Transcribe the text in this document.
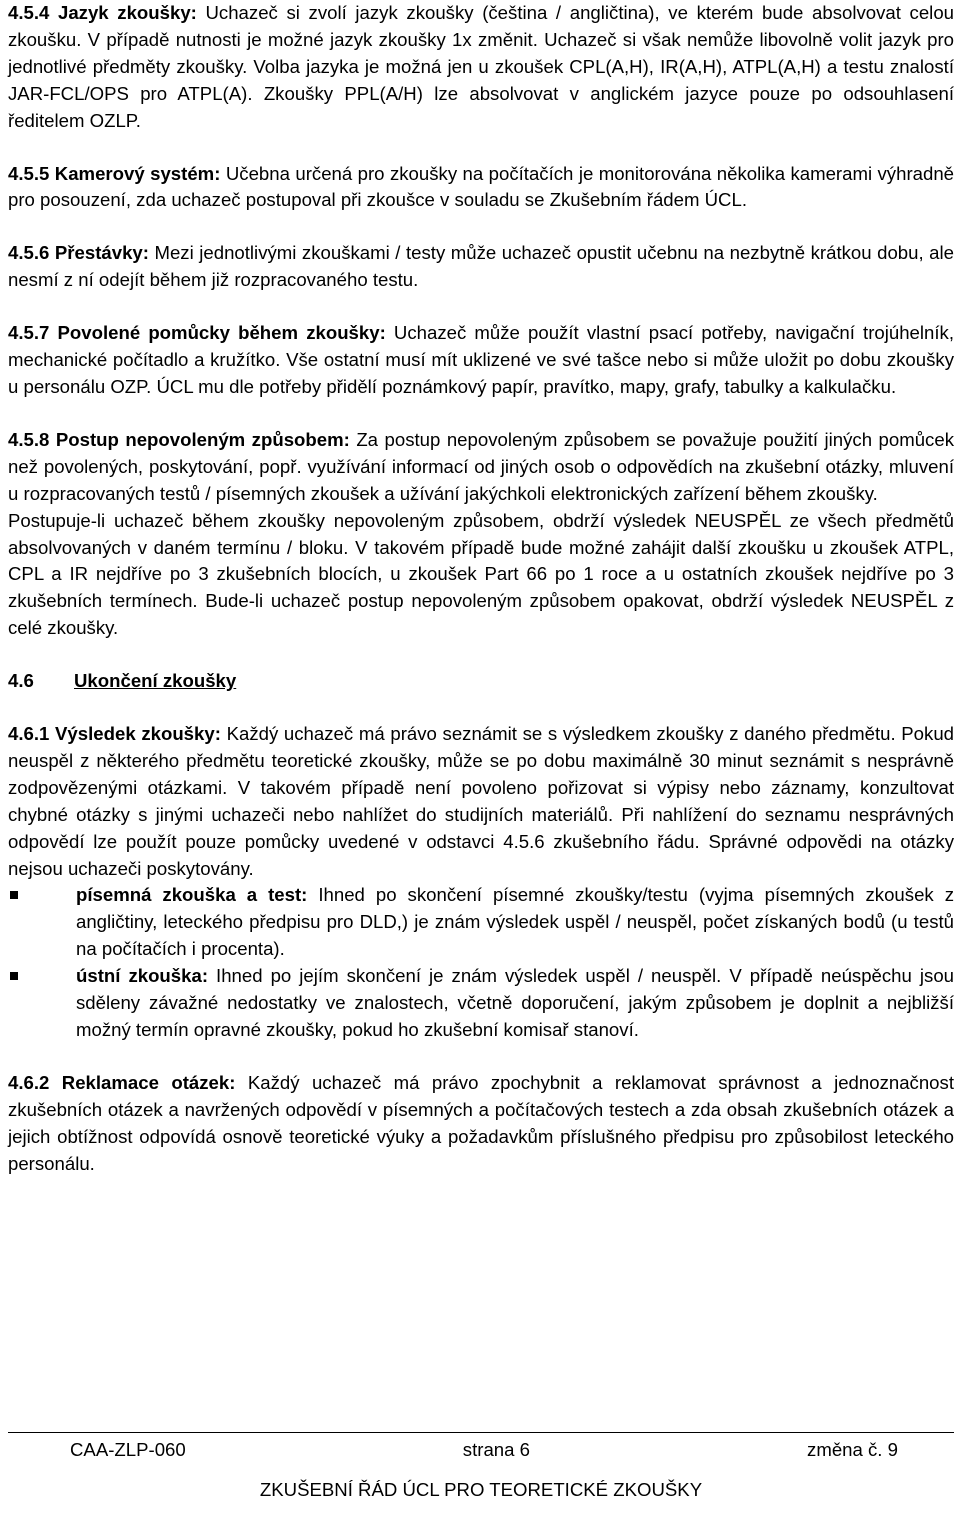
4.5.4 Jazyk zkoušky: Uchazeč si zvolí jazyk zkoušky (čeština / angličtina), ve kterém bude absolvovat celou zkoušku. V případě nutnosti je možné jazyk zkoušky 1x změnit. Uchazeč si však nemůže libovolně volit jazyk pro jednotlivé předměty zkoušky. Volba jazyka je možná jen u zkoušek CPL(A,H), IR(A,H), ATPL(A,H) a testu znalostí JAR-FCL/OPS pro ATPL(A). Zkoušky PPL(A/H) lze absolvovat v anglickém jazyce pouze po odsouhlasení ředitelem OZLP.

4.5.5 Kamerový systém: Učebna určená pro zkoušky na počítačích je monitorována několika kamerami výhradně pro posouzení, zda uchazeč postupoval při zkoušce v souladu se Zkušebním řádem ÚCL.

4.5.6 Přestávky: Mezi jednotlivými zkouškami / testy může uchazeč opustit učebnu na nezbytně krátkou dobu, ale nesmí z ní odejít během již rozpracovaného testu.

4.5.7 Povolené pomůcky během zkoušky: Uchazeč může použít vlastní psací potřeby, navigační trojúhelník, mechanické počítadlo a kružítko. Vše ostatní musí mít uklizené ve své tašce nebo si může uložit po dobu zkoušky u personálu OZP. ÚCL mu dle potřeby přidělí poznámkový papír, pravítko, mapy, grafy, tabulky a kalkulačku.

4.5.8 Postup nepovoleným způsobem: Za postup nepovoleným způsobem se považuje použití jiných pomůcek než povolených, poskytování, popř. využívání informací od jiných osob o odpovědích na zkušební otázky, mluvení u rozpracovaných testů / písemných zkoušek a užívání jakýchkoli elektronických zařízení během zkoušky.

Postupuje-li uchazeč během zkoušky nepovoleným způsobem, obdrží výsledek NEUSPĚL ze všech předmětů absolvovaných v daném termínu / bloku. V takovém případě bude možné zahájit další zkoušku u zkoušek ATPL, CPL a IR nejdříve po 3 zkušebních blocích, u zkoušek Part 66 po 1 roce a u ostatních zkoušek nejdříve po 3 zkušebních termínech. Bude-li uchazeč postup nepovoleným způsobem opakovat, obdrží výsledek NEUSPĚL z celé zkoušky.

4.6	Ukončení zkoušky

4.6.1 Výsledek zkoušky: Každý uchazeč má právo seznámit se s výsledkem zkoušky z daného předmětu. Pokud neuspěl z některého předmětu teoretické zkoušky, může se po dobu maximálně 30 minut seznámit s nesprávně zodpovězenými otázkami. V takovém případě není povoleno pořizovat si výpisy nebo záznamy, konzultovat chybné otázky s jinými uchazeči nebo nahlížet do studijních materiálů. Při nahlížení do seznamu nesprávných odpovědí lze použít pouze pomůcky uvedené v odstavci 4.5.6 zkušebního řádu. Správné odpovědi na otázky nejsou uchazeči poskytovány.

písemná zkouška a test: Ihned po skončení písemné zkoušky/testu (vyjma písemných zkoušek z angličtiny, leteckého předpisu pro DLD,) je znám výsledek uspěl / neuspěl, počet získaných bodů (u testů na počítačích i procenta).
ústní zkouška: Ihned po jejím skončení je znám výsledek uspěl / neuspěl. V případě neúspěchu jsou sděleny závažné nedostatky ve znalostech, včetně doporučení, jakým způsobem je doplnit a nejbližší možný termín opravné zkoušky, pokud ho zkušební komisař stanoví.

4.6.2 Reklamace otázek: Každý uchazeč má právo zpochybnit a reklamovat správnost a jednoznačnost zkušebních otázek a navržených odpovědí v písemných a počítačových testech a zda obsah zkušebních otázek a jejich obtížnost odpovídá osnově teoretické výuky a požadavkům příslušného předpisu pro způsobilost leteckého personálu.

CAA-ZLP-060	strana 6	změna č. 9
ZKUŠEBNÍ ŘÁD ÚCL PRO TEORETICKÉ ZKOUŠKY
